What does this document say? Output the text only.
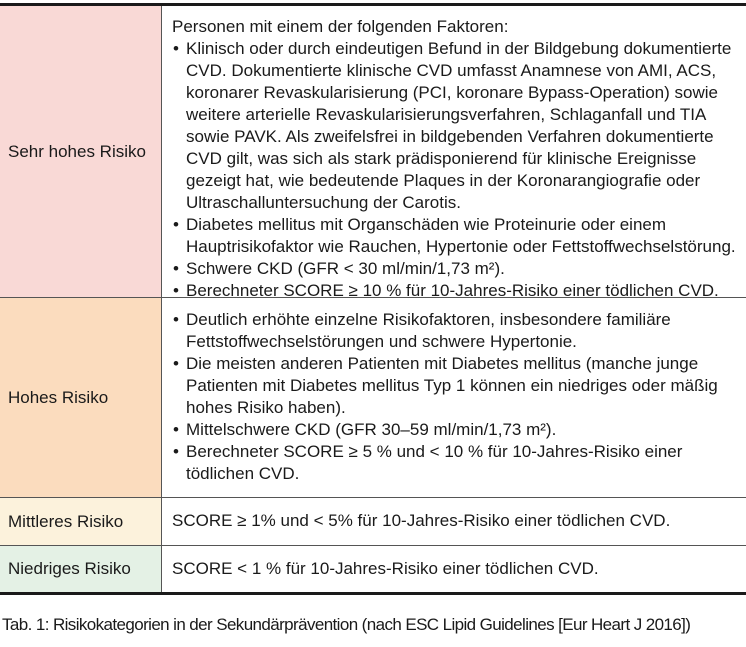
Sehr hohes Risiko

Personen mit einem der folgenden Faktoren:

• Klinisch oder durch eindeutigen Befund in der Bildgebung dokumentierte CVD. Dokumentierte klinische CVD umfasst Anamnese von AMI, ACS, koronarer Revaskularisierung (PCI, koronare Bypass-Operation) sowie weitere arterielle Revaskularisierungsverfahren, Schlaganfall und TIA sowie PAVK. Als zweifelsfrei in bildgebenden Verfahren dokumentierte CVD gilt, was sich als stark prädisponierend für klinische Ereignisse gezeigt hat, wie bedeutende Plaques in der Koronarangiografie oder Ultraschalluntersuchung der Carotis.
• Diabetes mellitus mit Organschäden wie Proteinurie oder einem Hauptrisikofaktor wie Rauchen, Hypertonie oder Fettstoffwechselstörung.
• Schwere CKD (GFR < 30 ml/min/1,73 m²).
• Berechneter SCORE ≥ 10 % für 10-Jahres-Risiko einer tödlichen CVD.
Hohes Risiko
• Deutlich erhöhte einzelne Risikofaktoren, insbesondere familiäre Fettstoffwechselstörungen und schwere Hypertonie.
• Die meisten anderen Patienten mit Diabetes mellitus (manche junge Patienten mit Diabetes mellitus Typ 1 können ein niedriges oder mäßig hohes Risiko haben).
• Mittelschwere CKD (GFR 30–59 ml/min/1,73 m²).
• Berechneter SCORE ≥ 5 % und < 10 % für 10-Jahres-Risiko einer tödlichen CVD.
Mittleres Risiko	SCORE ≥ 1% und < 5% für 10-Jahres-Risiko einer tödlichen CVD.
Niedriges Risiko	SCORE < 1 % für 10-Jahres-Risiko einer tödlichen CVD.
Tab. 1: Risikokategorien in der Sekundärprävention (nach ESC Lipid Guidelines [Eur Heart J 2016])
